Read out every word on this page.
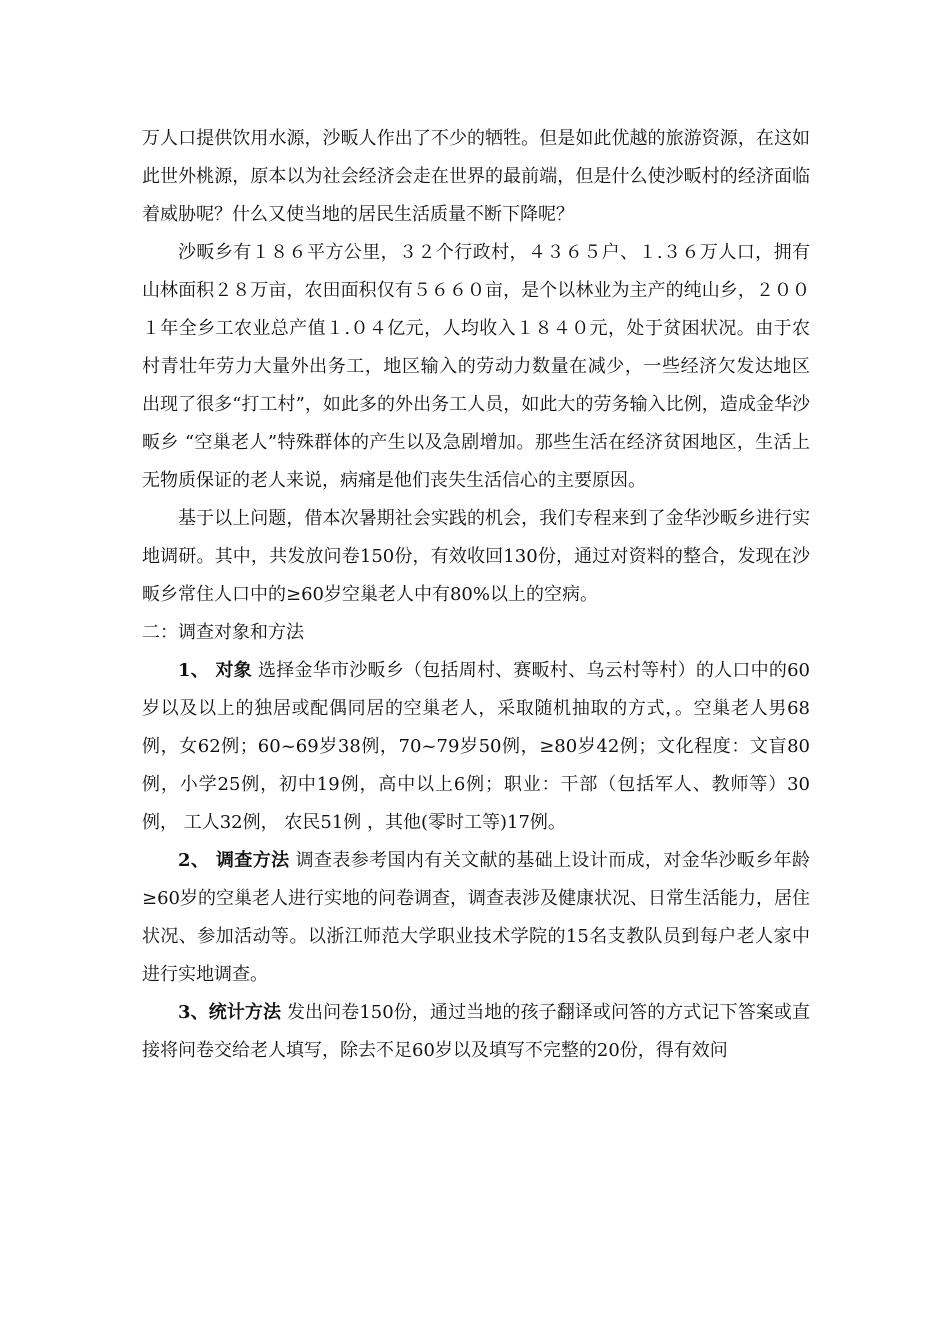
万人口提供饮用水源，沙畈人作出了不少的牺牲。但是如此优越的旅游资源，在这如此世外桃源，原本以为社会经济会走在世界的最前端，但是什么使沙畈村的经济面临着威胁呢？什么又使当地的居民生活质量不断下降呢？

沙畈乡有１８６平方公里，３２个行政村，４３６５户、１.３６万人口，拥有山林面积２８万亩，农田面积仅有５６６０亩，是个以林业为主产的纯山乡，２００１年全乡工农业总产值１.０４亿元，人均收入１８４０元，处于贫困状况。由于农村青壮年劳力大量外出务工，地区输入的劳动力数量在减少，一些经济欠发达地区 出现了很多“打工村”，如此多的外出务工人员，如此大的劳务输入比例，造成金华沙畈乡 “空巢老人”特殊群体的产生以及急剧增加。那些生活在经济贫困地区，生活上无物质保证的老人来说，病痛是他们丧失生活信心的主要原因。

基于以上问题，借本次暑期社会实践的机会，我们专程来到了金华沙畈乡进行实地调研。其中，共发放问卷150份，有效收回130份，通过对资料的整合，发现在沙畈乡常住人口中的≥60岁空巢老人中有80%以上的空病。

二：调查对象和方法

1、 对象 选择金华市沙畈乡（包括周村、赛畈村、乌云村等村）的人口中的60岁以及以上的独居或配偶同居的空巢老人，采取随机抽取的方式，。空巢老人男68例，女62例；60~69岁38例，70~79岁50例，≥80岁42例；文化程度：文盲80例，小学25例，初中19例，高中以上6例；职业：干部（包括军人、教师等）30例， 工人32例， 农民51例 ，其他(零时工等)17例。

2、 调查方法 调查表参考国内有关文献的基础上设计而成，对金华沙畈乡年龄≥60岁的空巢老人进行实地的问卷调查，调查表涉及健康状况、日常生活能力，居住状况、参加活动等。以浙江师范大学职业技术学院的15名支教队员到每户老人家中进行实地调查。

3、统计方法 发出问卷150份，通过当地的孩子翻译或问答的方式记下答案或直接将问卷交给老人填写，除去不足60岁以及填写不完整的20份，得有效问
